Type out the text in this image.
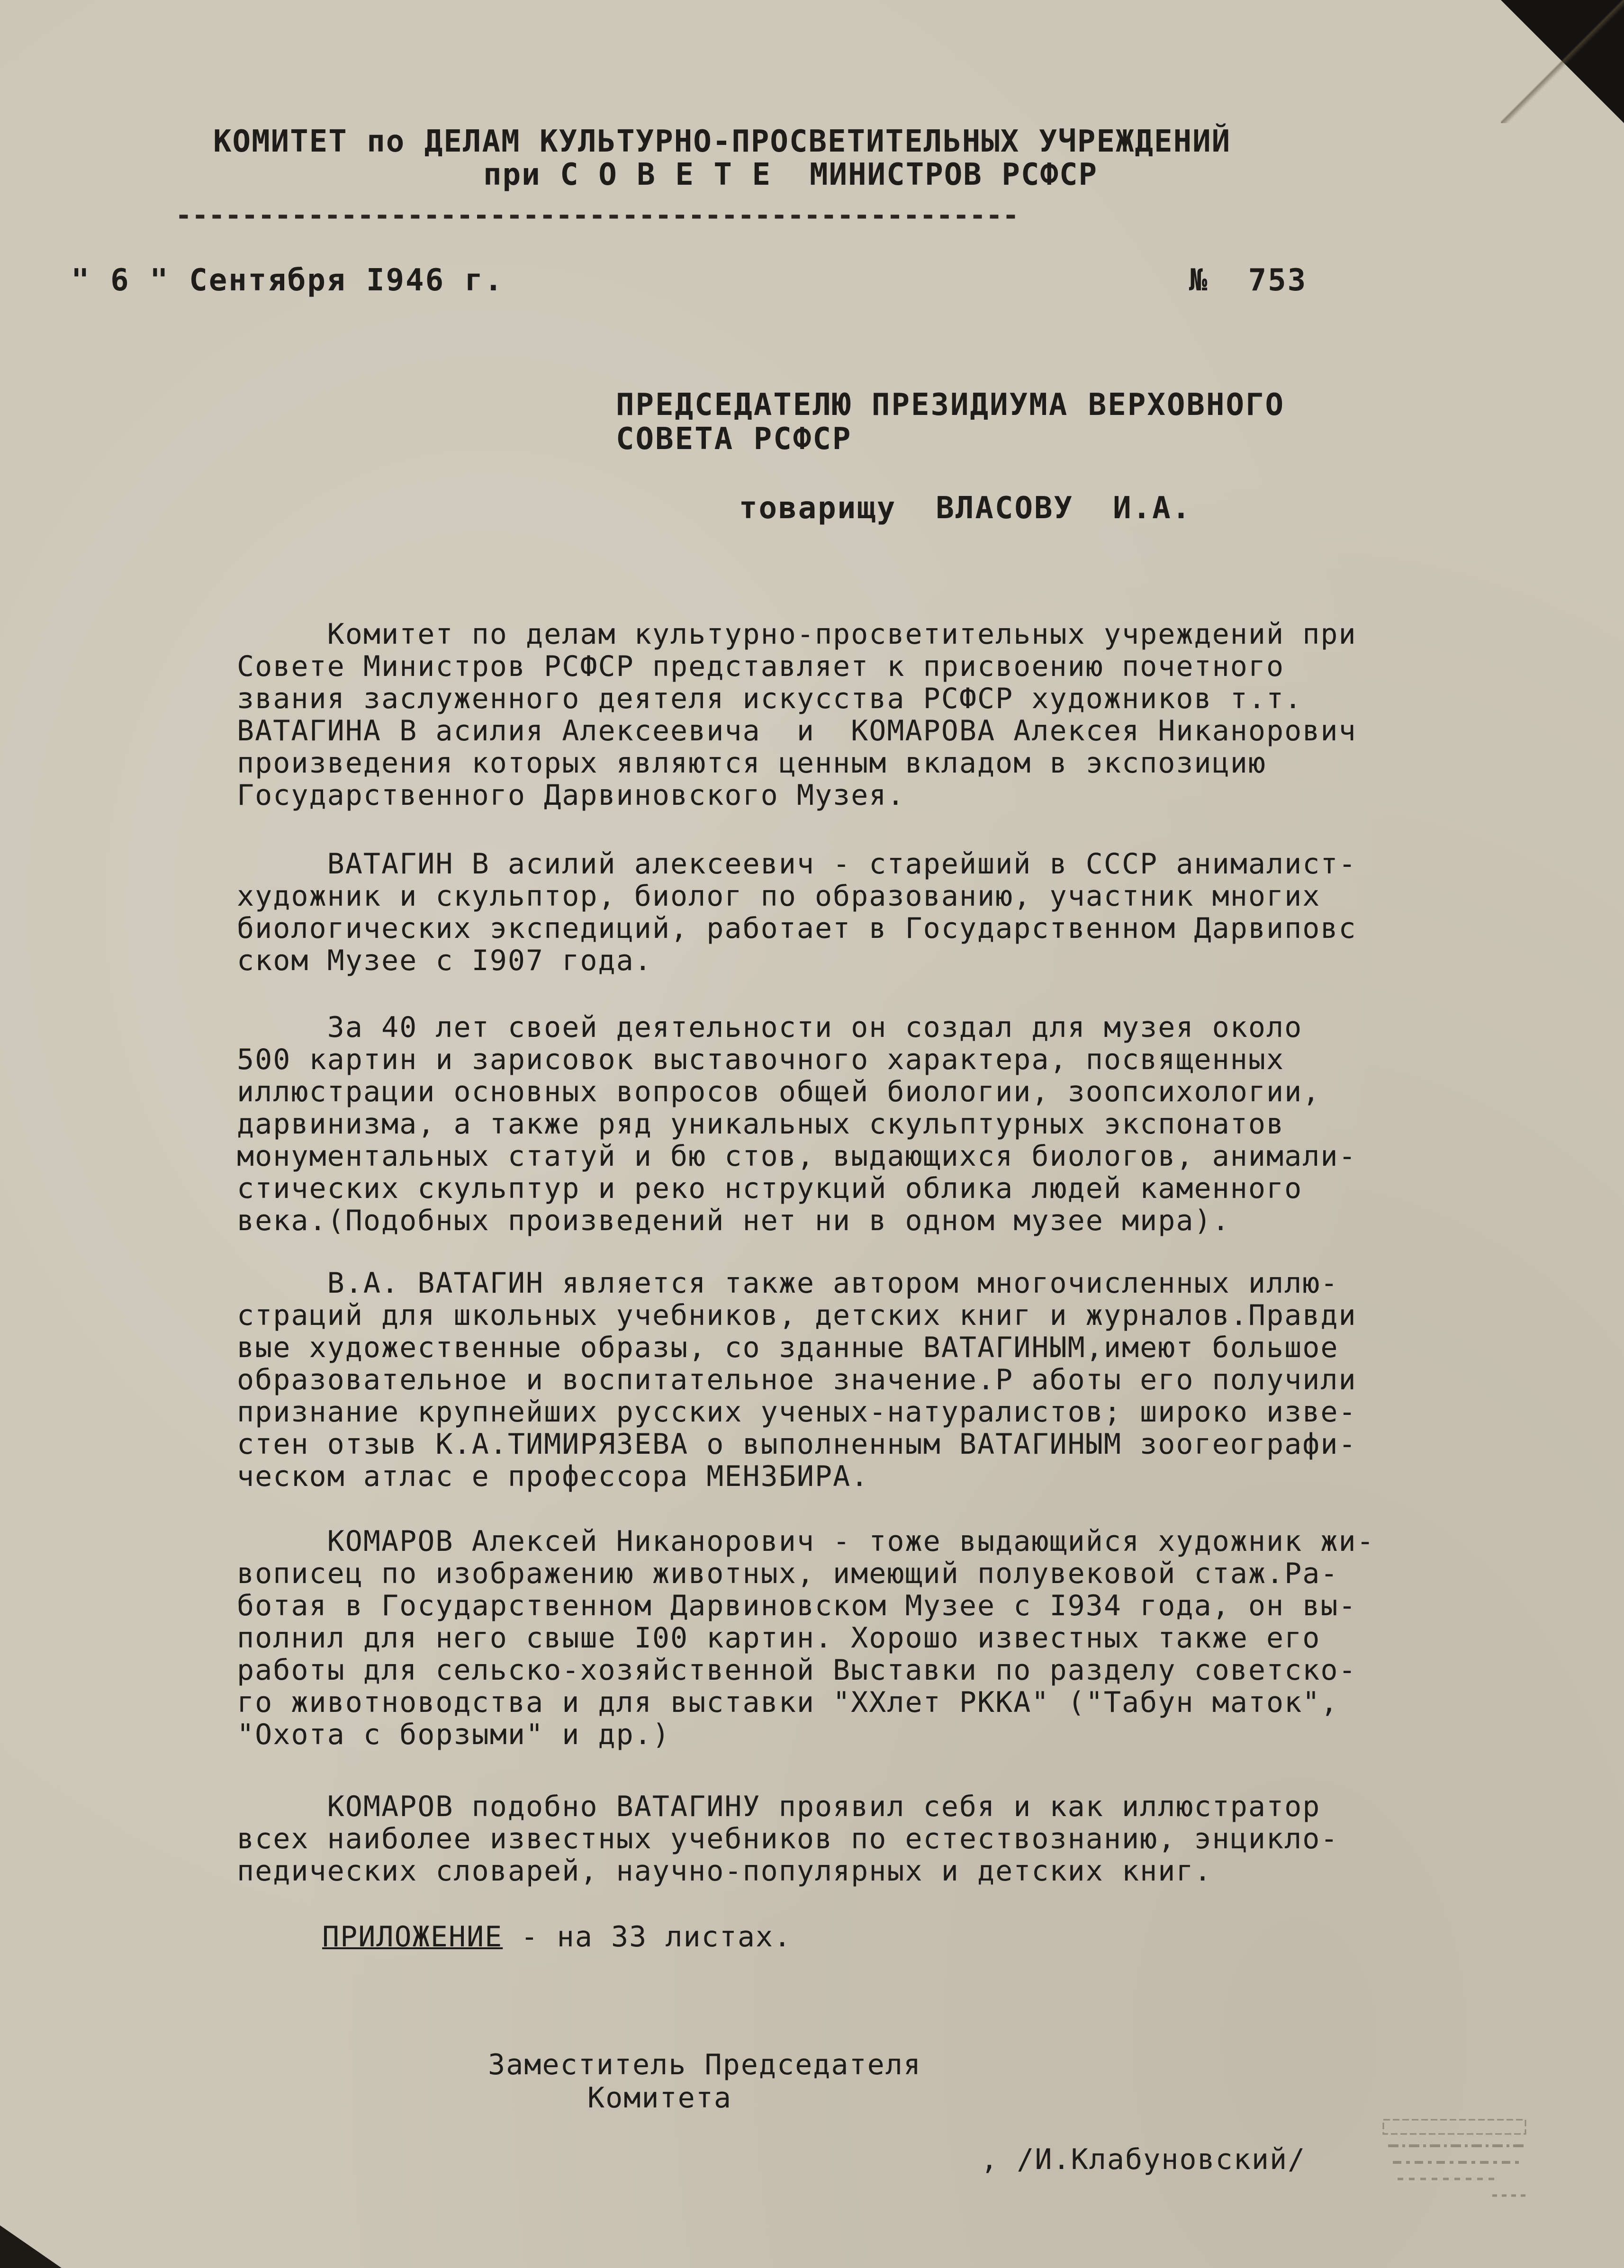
КОМИТЕТ по ДЕЛАМ КУЛЬТУРНО-ПРОСВЕТИТЕЛЬНЫХ УЧРЕЖДЕНИЙ

при С О В Е Т Е  МИНИСТРОВ РСФСР

---------------------------------------------------

" 6 " Сентября I946 г.	№  753

ПРЕДСЕДАТЕЛЮ ПРЕЗИДИУМА ВЕРХОВНОГО

СОВЕТА РСФСР

товарищу  ВЛАСОВУ  И.А.

Комитет по делам культурно-просветительных учреждений при

Совете Министров РСФСР представляет к присвоению почетного

звания заслуженного деятеля искусства РСФСР художников т.т.

ВАТАГИНА В асилия Алексеевича  и  КОМАРОВА Алексея Никанорович

произведения которых являются ценным вкладом в экспозицию

Государственного Дарвиновского Музея.

ВАТАГИН В асилий алексеевич - старейший в СССР анималист-

художник и скульптор, биолог по образованию, участник многих

биологических экспедиций, работает в Государственном Дарвиповс

ском Музее с I907 года.

За 40 лет своей деятельности он создал для музея около

500 картин и зарисовок выставочного характера, посвященных

иллюстрации основных вопросов общей биологии, зоопсихологии,

дарвинизма, а также ряд уникальных скульптурных экспонатов

монументальных статуй и бю стов, выдающихся биологов, анимали-

стических скульптур и реко нструкций облика людей каменного

века.(Подобных произведений нет ни в одном музее мира).

В.А. ВАТАГИН является также автором многочисленных иллю-

страций для школьных учебников, детских книг и журналов.Правди

вые художественные образы, со зданные ВАТАГИНЫМ,имеют большое

образовательное и воспитательное значение.Р аботы его получили

признание крупнейших русских ученых-натуралистов; широко изве-

стен отзыв К.А.ТИМИРЯЗЕВА о выполненным ВАТАГИНЫМ зоогеографи-

ческом атлас е профессора МЕНЗБИРА.

КОМАРОВ Алексей Никанорович - тоже выдающийся художник жи-

вописец по изображению животных, имеющий полувековой стаж.Ра-

ботая в Государственном Дарвиновском Музее с I934 года, он вы-

полнил для него свыше I00 картин. Хорошо известных также его

работы для сельско-хозяйственной Выставки по разделу советско-

го животноводства и для выставки "ХХлет РККА" ("Табун маток",

"Охота с борзыми" и др.)

КОМАРОВ подобно ВАТАГИНУ проявил себя и как иллюстратор

всех наиболее известных учебников по естествознанию, энцикло-

педических словарей, научно-популярных и детских книг.

ПРИЛОЖЕНИЕ - на 33 листах.

Заместитель Председателя

Комитета

, /И.Клабуновский/
